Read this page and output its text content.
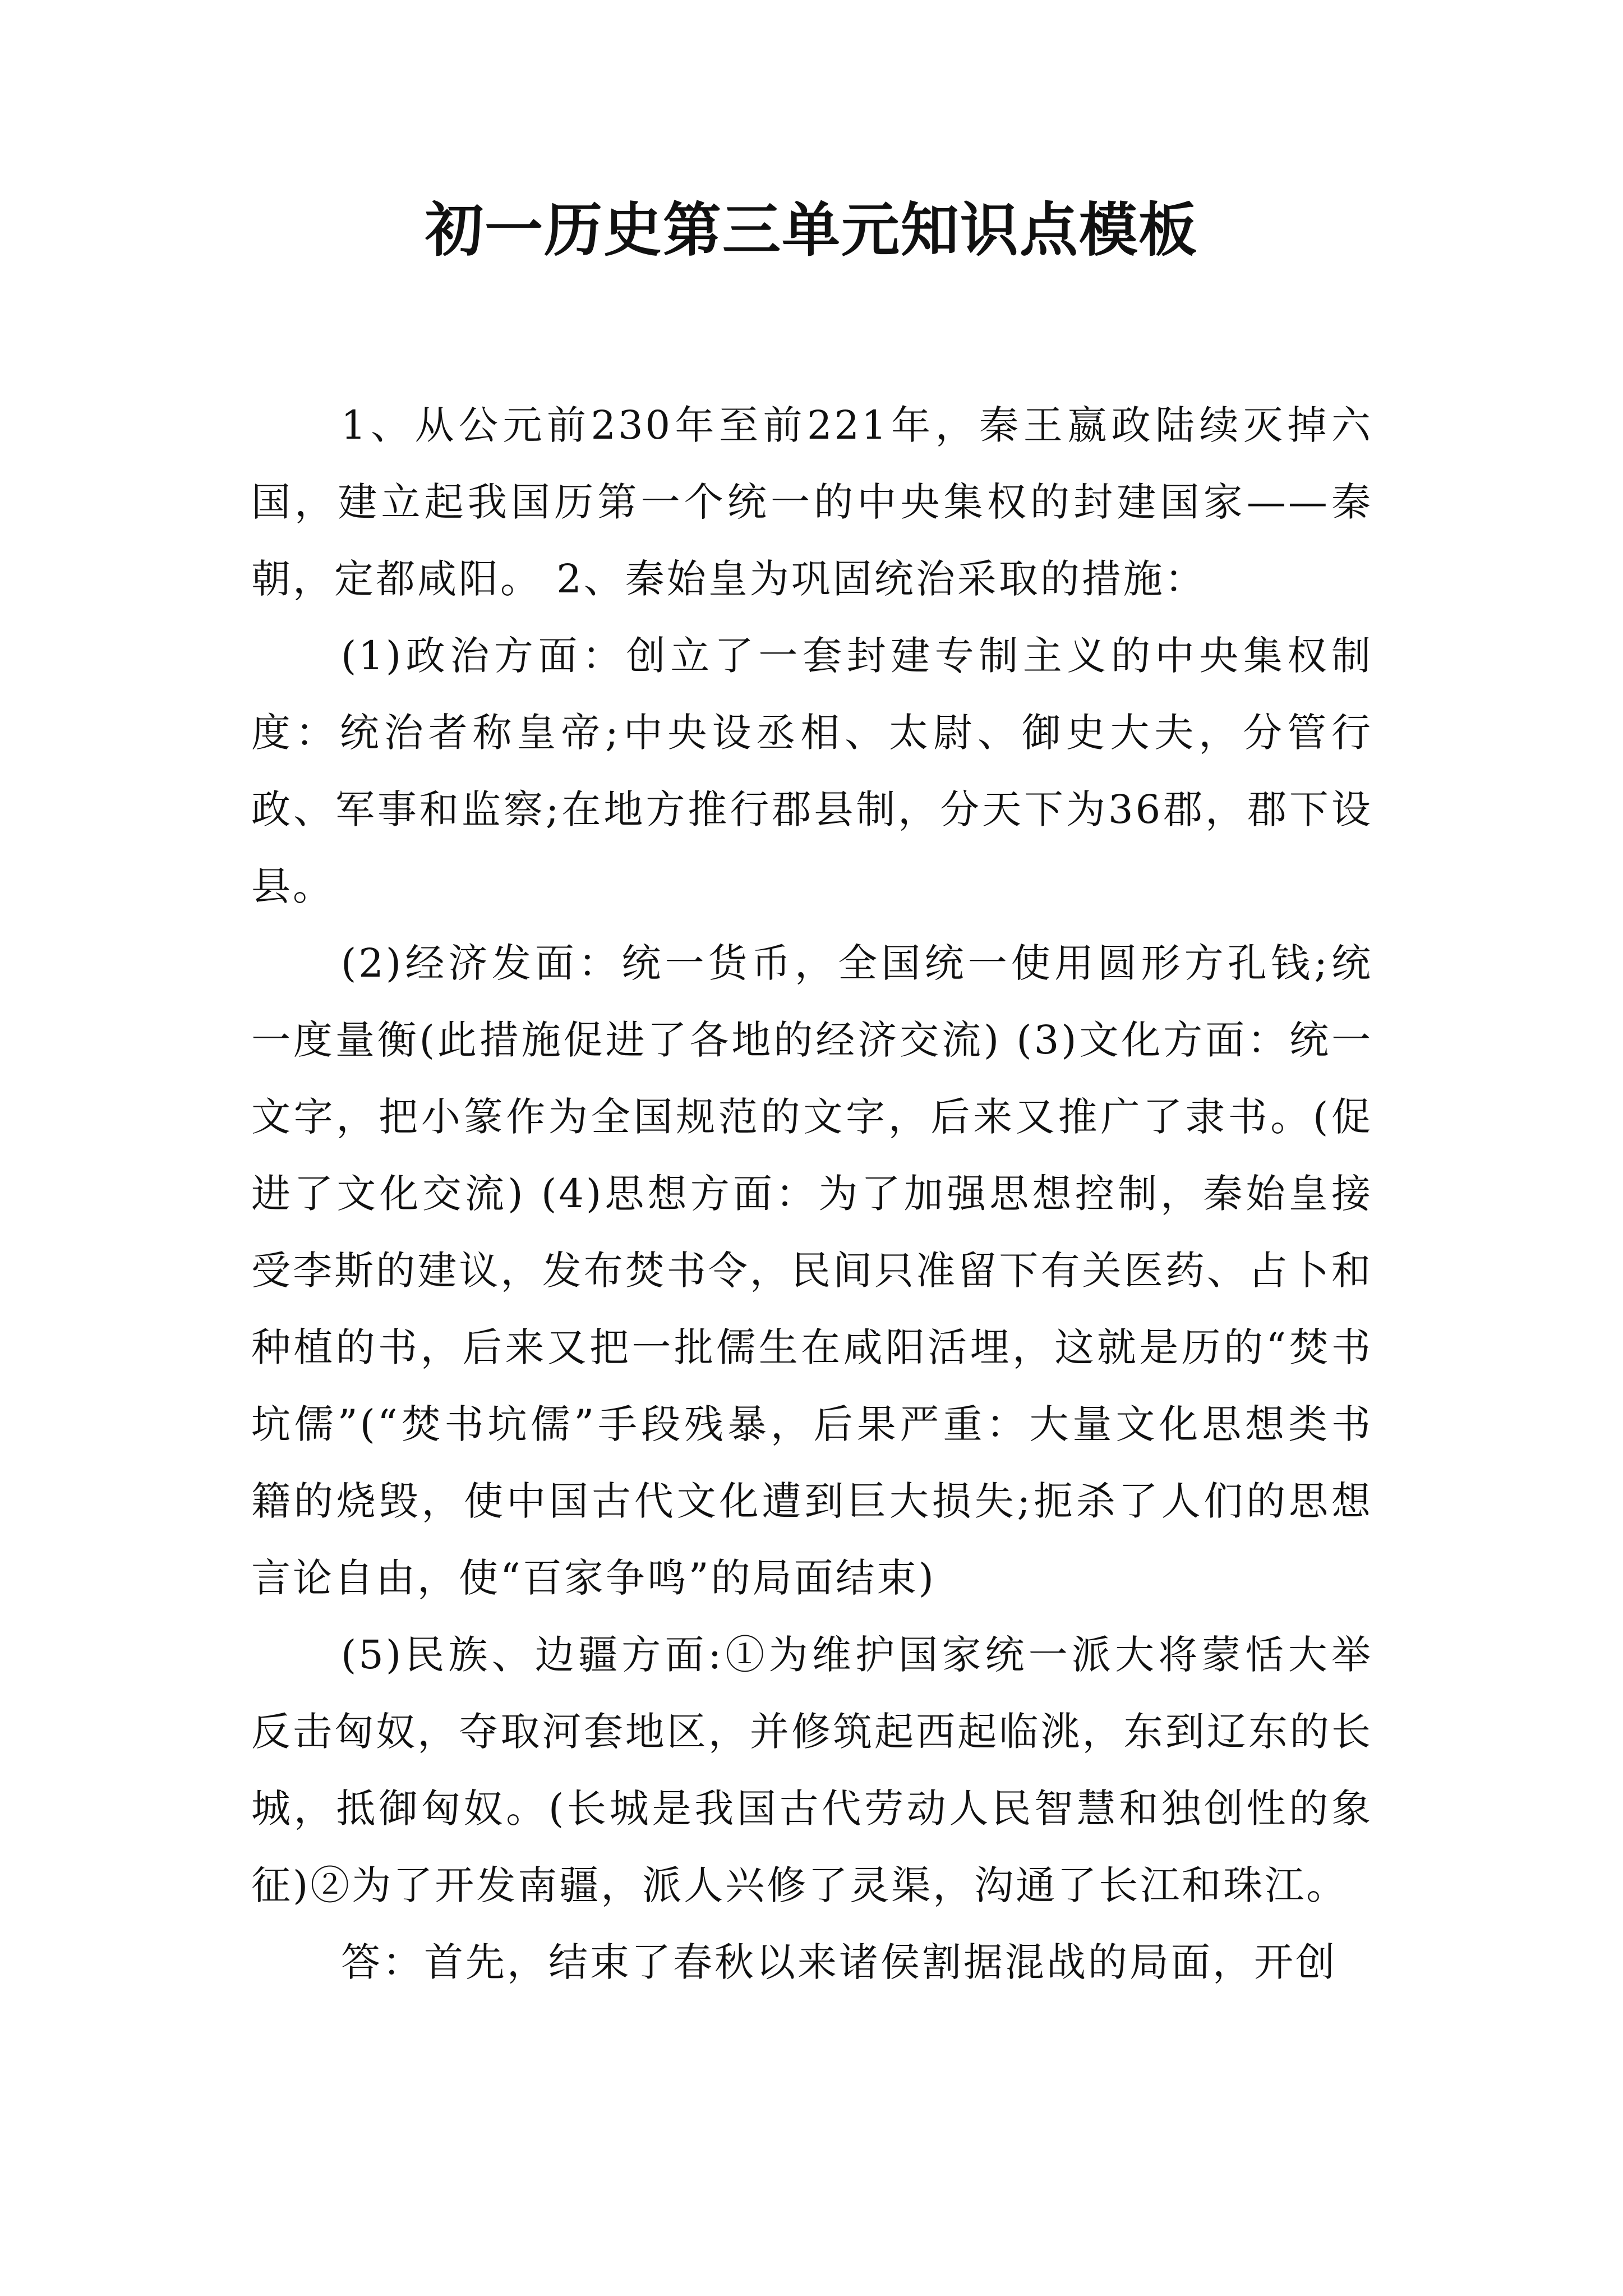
初一历史第三单元知识点模板

1、从公元前230年至前221年，秦王嬴政陆续灭掉六国，建立起我国历第一个统一的中央集权的封建国家——秦朝，定都咸阳。 2、秦始皇为巩固统治采取的措施：

(1)政治方面：创立了一套封建专制主义的中央集权制度：统治者称皇帝;中央设丞相、太尉、御史大夫，分管行政、军事和监察;在地方推行郡县制，分天下为36郡，郡下设县。

(2)经济发面：统一货币，全国统一使用圆形方孔钱;统一度量衡(此措施促进了各地的经济交流) (3)文化方面：统一文字，把小篆作为全国规范的文字，后来又推广了隶书。(促进了文化交流) (4)思想方面：为了加强思想控制，秦始皇接受李斯的建议，发布焚书令，民间只准留下有关医药、占卜和种植的书，后来又把一批儒生在咸阳活埋，这就是历的“焚书坑儒”(“焚书坑儒”手段残暴，后果严重：大量文化思想类书籍的烧毁，使中国古代文化遭到巨大损失;扼杀了人们的思想言论自由，使“百家争鸣”的局面结束)

(5)民族、边疆方面:①为维护国家统一派大将蒙恬大举反击匈奴，夺取河套地区，并修筑起西起临洮，东到辽东的长城，抵御匈奴。(长城是我国古代劳动人民智慧和独创性的象征)②为了开发南疆，派人兴修了灵渠，沟通了长江和珠江。

答：首先，结束了春秋以来诸侯割据混战的局面，开创
